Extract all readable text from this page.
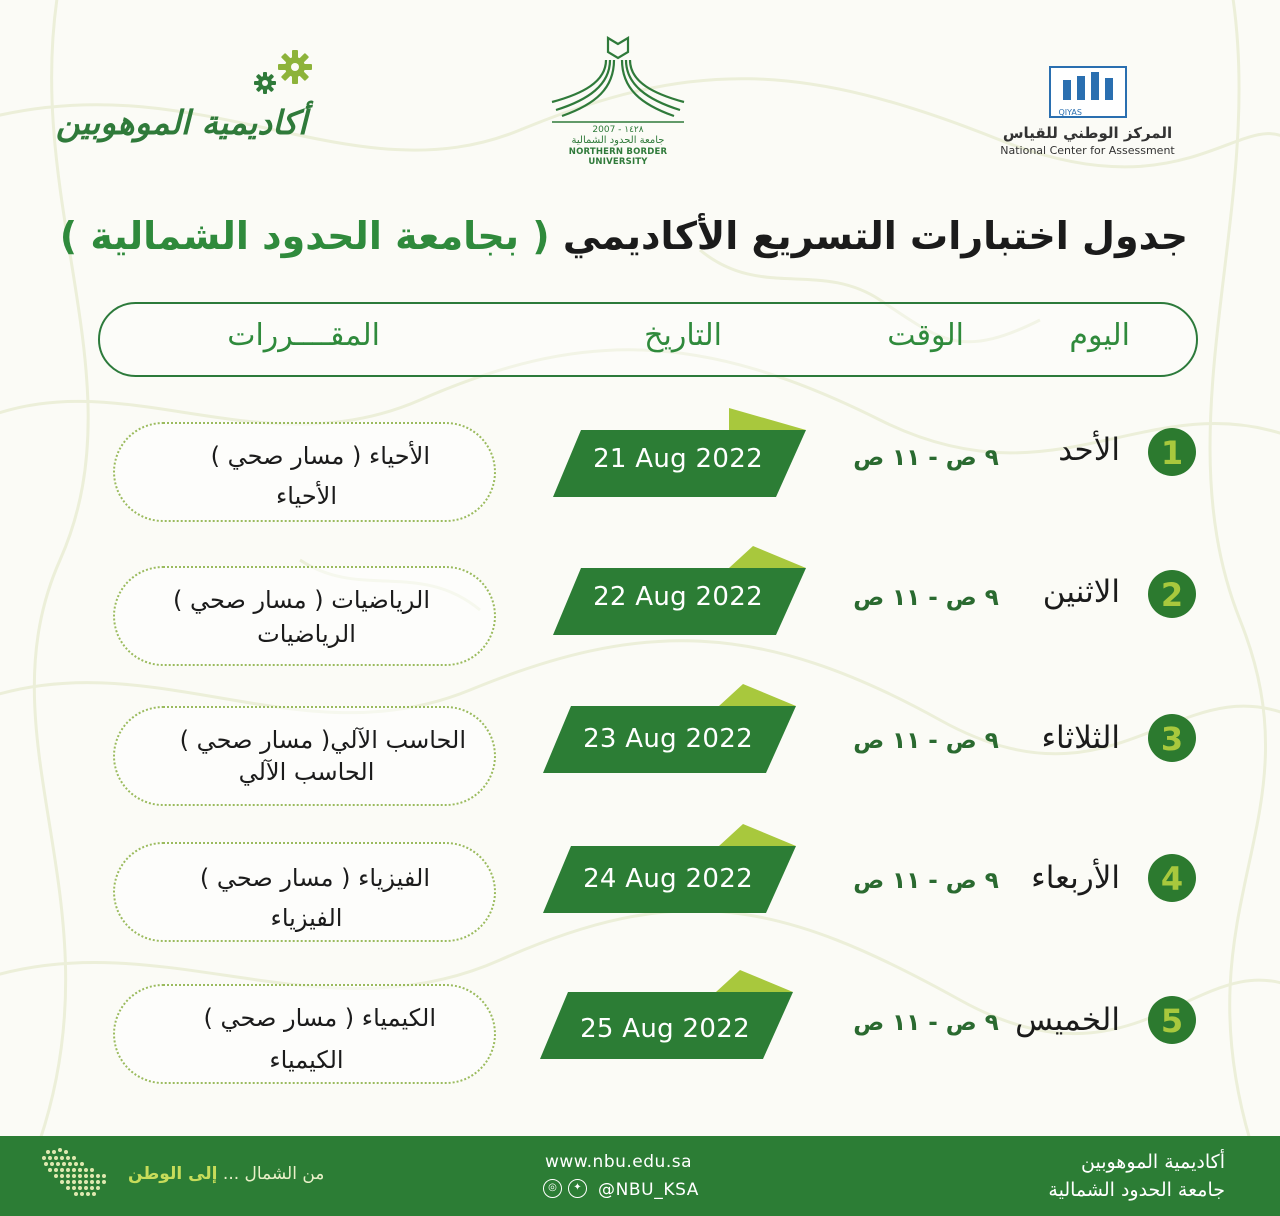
QIYAS
المركز الوطني للقياس
National Center for Assessment
2007 - ١٤٢٨
جامعة الحدود الشمالية
NORTHERN BORDER UNIVERSITY
أكاديمية الموهوبين
جدول اختبارات التسريع الأكاديمي ( بجامعة الحدود الشمالية )
اليوم
الوقت
التاريخ
المقــــررات
1
الأحد
٩ ص - ١١ ص
21 Aug 2022
الأحياء ( مسار صحي )
الأحياء
2
الاثنين
٩ ص - ١١ ص
22 Aug 2022
الرياضيات ( مسار صحي )
الرياضيات
3
الثلاثاء
٩ ص - ١١ ص
23 Aug 2022
الحاسب الآلي( مسار صحي )
الحاسب الآلي
4
الأربعاء
٩ ص - ١١ ص
24 Aug 2022
الفيزياء ( مسار صحي )
الفيزياء
5
الخميس
٩ ص - ١١ ص
25 Aug 2022
الكيمياء ( مسار صحي )
الكيمياء
من الشمال ... إلى الوطن
www.nbu.edu.sa
◎	✦ @NBU_KSA
أكاديمية الموهوبين
جامعة الحدود الشمالية
